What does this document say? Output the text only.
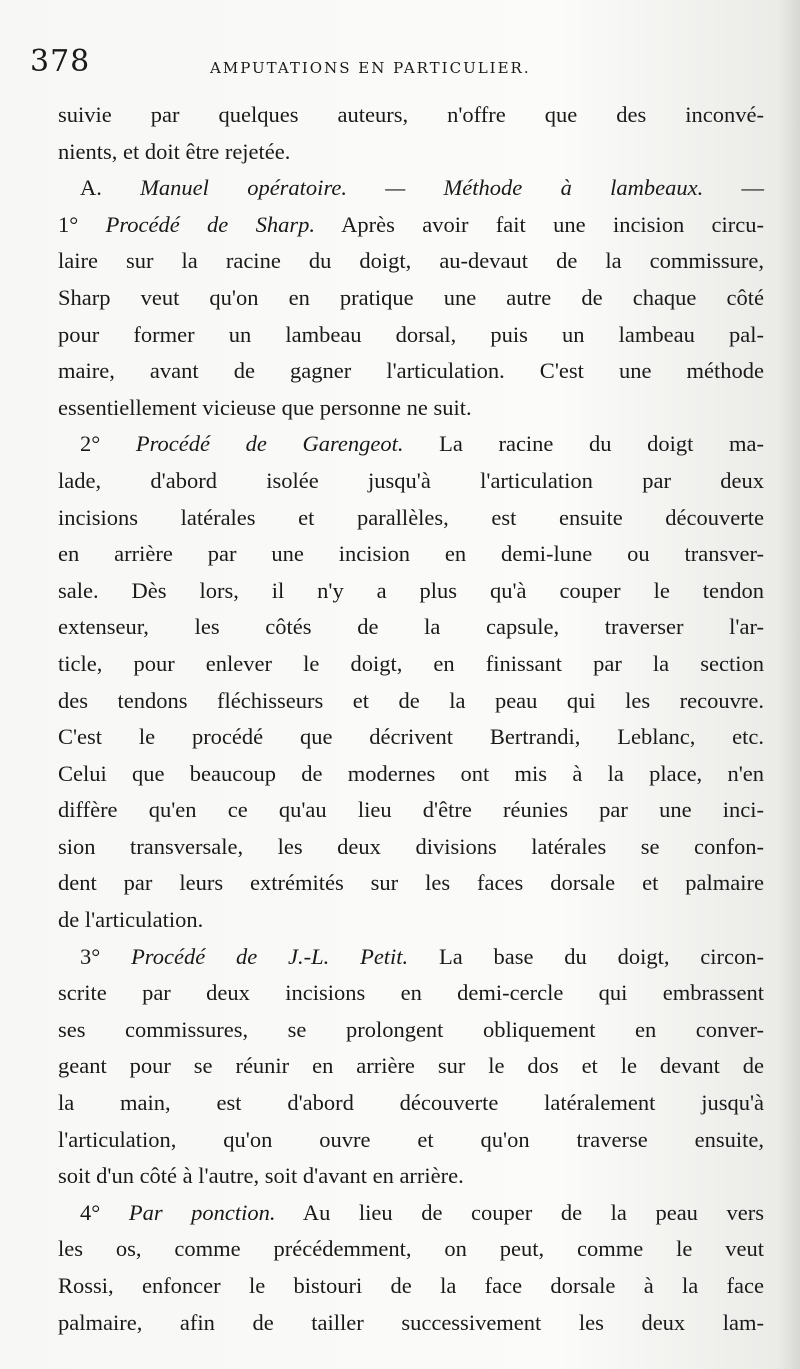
378	AMPUTATIONS EN PARTICULIER.
suivie par quelques auteurs, n'offre que des inconvé-
nients, et doit être rejetée.
A. Manuel opératoire. — Méthode à lambeaux. —
1° Procédé de Sharp. Après avoir fait une incision circu-
laire sur la racine du doigt, au-devaut de la commissure,
Sharp veut qu'on en pratique une autre de chaque côté
pour former un lambeau dorsal, puis un lambeau pal-
maire, avant de gagner l'articulation. C'est une méthode
essentiellement vicieuse que personne ne suit.
2° Procédé de Garengeot. La racine du doigt ma-
lade, d'abord isolée jusqu'à l'articulation par deux
incisions latérales et parallèles, est ensuite découverte
en arrière par une incision en demi-lune ou transver-
sale. Dès lors, il n'y a plus qu'à couper le tendon
extenseur, les côtés de la capsule, traverser l'ar-
ticle, pour enlever le doigt, en finissant par la section
des tendons fléchisseurs et de la peau qui les recouvre.
C'est le procédé que décrivent Bertrandi, Leblanc, etc.
Celui que beaucoup de modernes ont mis à la place, n'en
diffère qu'en ce qu'au lieu d'être réunies par une inci-
sion transversale, les deux divisions latérales se confon-
dent par leurs extrémités sur les faces dorsale et palmaire
de l'articulation.
3° Procédé de J.-L. Petit. La base du doigt, circon-
scrite par deux incisions en demi-cercle qui embrassent
ses commissures, se prolongent obliquement en conver-
geant pour se réunir en arrière sur le dos et le devant de
la main, est d'abord découverte latéralement jusqu'à
l'articulation, qu'on ouvre et qu'on traverse ensuite,
soit d'un côté à l'autre, soit d'avant en arrière.
4° Par ponction. Au lieu de couper de la peau vers
les os, comme précédemment, on peut, comme le veut
Rossi, enfoncer le bistouri de la face dorsale à la face
palmaire, afin de tailler successivement les deux lam-
